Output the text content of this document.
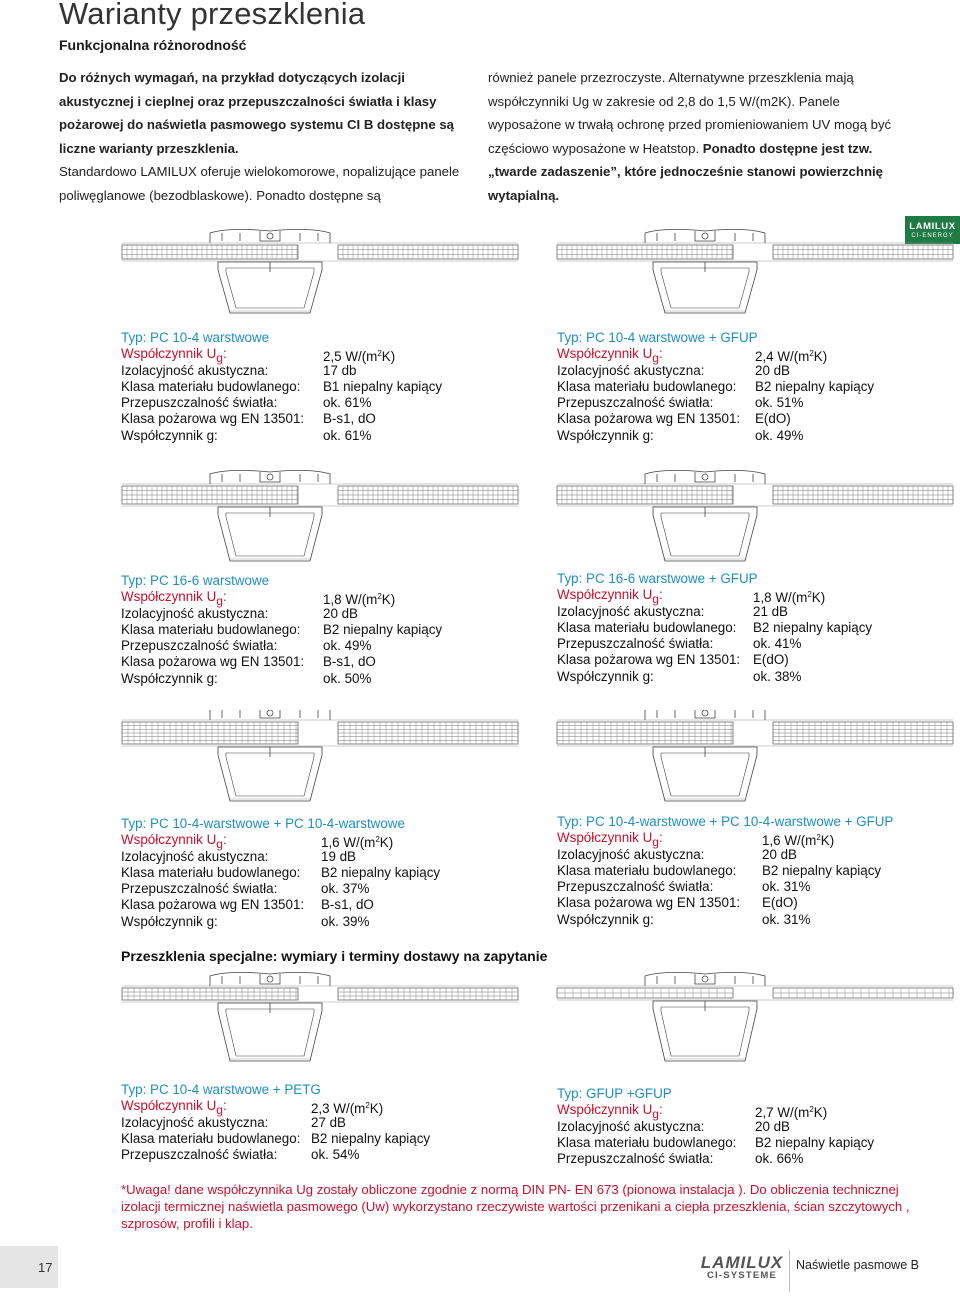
Warianty przeszklenia

Funkcjonalna różnorodność

Do różnych wymagań, na przykład dotyczących izolacji akustycznej i cieplnej oraz przepuszczalności światła i klasy pożarowej do naświetla pasmowego systemu CI B dostępne są liczne warianty przeszklenia.
Standardowo LAMILUX oferuje wielokomorowe, nopalizujące panele poliwęglanowe (bezodblaskowe). Ponadto dostępne są
również panele przezroczyste. Alternatywne przeszklenia mają współczynniki Ug w zakresie od 2,8 do 1,5 W/(m2K). Panele wyposażone w trwałą ochronę przed promieniowaniem UV mogą być częściowo wyposażone w Heatstop. Ponadto dostępne jest tzw. „twarde zadaszenie”, które jednocześnie stanowi powierzchnię wytapialną.
LAMILUX
CI-ENERGY
Typ: PC 10-4 warstwowe
Współczynnik $U_g$:	2,5 $W/(m^2K)$
Izolacyjność akustyczna:	17 db
Klasa materiału budowlanego: B1 niepalny kapiący
Przepuszczalność światła:	ok. 61%
Klasa pożarowa wg EN 13501: B-s1, dO
Współczynnik g:	ok. 61%
Typ: PC 10-4 warstwowe + GFUP
Współczynnik $U_g$:	2,4 $W/(m^2K)$
Izolacyjność akustyczna:	20 dB
Klasa materiału budowlanego: B2 niepalny kapiący
Przepuszczalność światła:	ok. 51%
Klasa pożarowa wg EN 13501: E(dO)
Współczynnik g:	ok. 49%
Typ: PC 16-6 warstwowe
Współczynnik $U_g$:	1,8 $W/(m^2K)$
Izolacyjność akustyczna:	20 dB
Klasa materiału budowlanego: B2 niepalny kapiący
Przepuszczalność światła:	ok. 49%
Klasa pożarowa wg EN 13501: B-s1, dO
Współczynnik g:	ok. 50%
Typ: PC 16-6 warstwowe + GFUP
Współczynnik $U_g$:	1,8 $W/(m^2K)$
Izolacyjność akustyczna:	21 dB
Klasa materiału budowlanego: B2 niepalny kapiący
Przepuszczalność światła:	ok. 41%
Klasa pożarowa wg EN 13501: E(dO)
Współczynnik g:	ok. 38%
Typ: PC 10-4-warstwowe + PC 10-4-warstwowe
Współczynnik $U_g$:	1,6 $W/(m^2K)$
Izolacyjność akustyczna:	19 dB
Klasa materiału budowlanego: B2 niepalny kapiący
Przepuszczalność światła:	ok. 37%
Klasa pożarowa wg EN 13501: B-s1, dO
Współczynnik g:	ok. 39%
Typ: PC 10-4-warstwowe + PC 10-4-warstwowe + GFUP
Współczynnik $U_g$:	1,6 $W/(m^2K)$
Izolacyjność akustyczna:	20 dB
Klasa materiału budowlanego: B2 niepalny kapiący
Przepuszczalność światła:	ok. 31%
Klasa pożarowa wg EN 13501: E(dO)
Współczynnik g:	ok. 31%
Typ: PC 10-4 warstwowe + PETG
Współczynnik $U_g$:	2,3 $W/(m^2K)$
Izolacyjność akustyczna:	27 dB
Klasa materiału budowlanego: B2 niepalny kapiący
Przepuszczalność światła:	ok. 54%
Typ: GFUP +GFUP
Współczynnik $U_g$:	2,7 $W/(m^2K)$
Izolacyjność akustyczna:	20 dB
Klasa materiału budowlanego: B2 niepalny kapiący
Przepuszczalność światła:	ok. 66%

Przeszklenia specjalne: wymiary i terminy dostawy na zapytanie

*Uwaga! dane współczynnika Ug zostały obliczone zgodnie z normą DIN PN- EN 673 (pionowa instalacja ). Do obliczenia technicznej izolacji termicznej naświetla pasmowego (Uw) wykorzystano rzeczywiste wartości przenikani a ciepła przeszklenia, ścian szczytowych , szprosów, profili i klap.
17	LAMILUX
CI-SYSTEME
Naświetle pasmowe B
